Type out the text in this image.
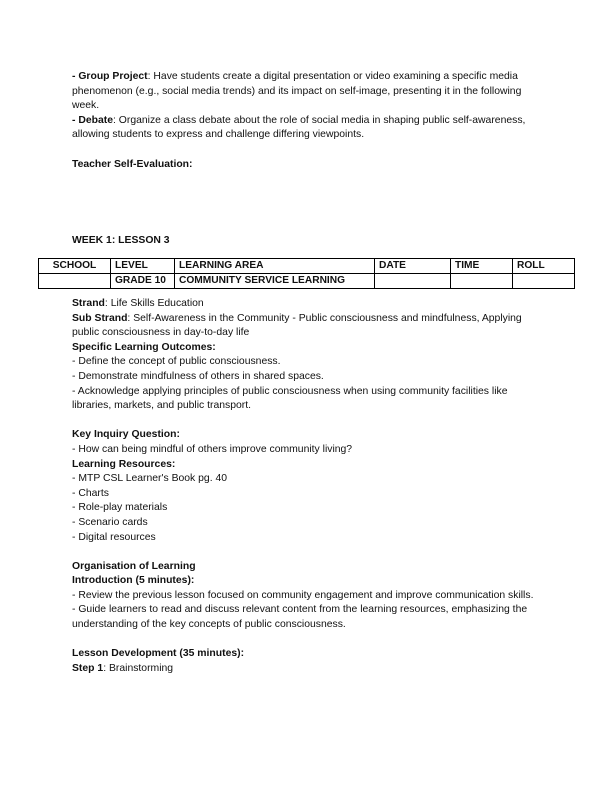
- Group Project: Have students create a digital presentation or video examining a specific media phenomenon (e.g., social media trends) and its impact on self-image, presenting it in the following week.

- Debate: Organize a class debate about the role of social media in shaping public self-awareness, allowing students to express and challenge differing viewpoints.

Teacher Self-Evaluation:

WEEK 1: LESSON 3
SCHOOL	LEVEL	LEARNING AREA	DATE	TIME	ROLL
	GRADE 10	COMMUNITY SERVICE LEARNING			

Strand: Life Skills Education

Sub Strand: Self-Awareness in the Community - Public consciousness and mindfulness, Applying public consciousness in day-to-day life

Specific Learning Outcomes:

- Define the concept of public consciousness.

- Demonstrate mindfulness of others in shared spaces.

- Acknowledge applying principles of public consciousness when using community facilities like libraries, markets, and public transport.

Key Inquiry Question:

- How can being mindful of others improve community living?

Learning Resources:

- MTP CSL Learner's Book pg. 40

- Charts

- Role-play materials

- Scenario cards

- Digital resources

Organisation of Learning

Introduction (5 minutes):

- Review the previous lesson focused on community engagement and improve communication skills.

- Guide learners to read and discuss relevant content from the learning resources, emphasizing the understanding of the key concepts of public consciousness.

Lesson Development (35 minutes):

Step 1: Brainstorming
